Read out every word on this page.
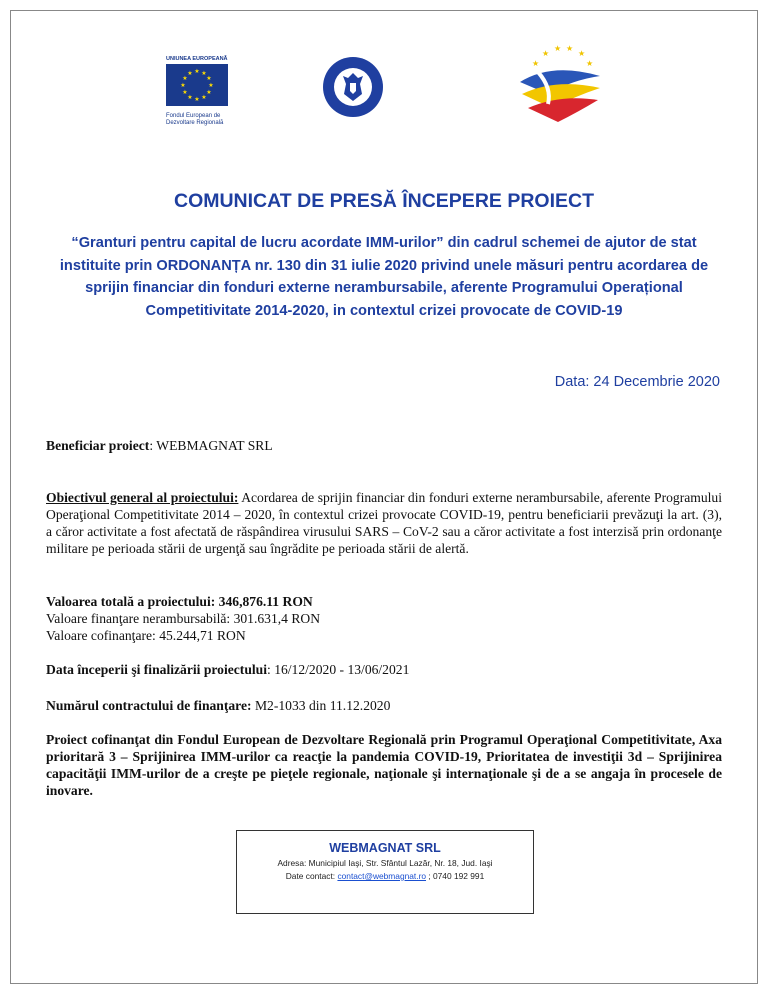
UNIUNEA EUROPEANĂ
★ ★
★
★
★
★
★
★
★
★
★
★
Fondul European de Dezvoltare Regională
★
★ ★
★
★
★
COMUNICAT DE PRESĂ ÎNCEPERE PROIECT
“Granturi pentru capital de lucru acordate IMM-urilor” din cadrul schemei de ajutor de stat instituite prin ORDONANȚA nr. 130 din 31 iulie 2020 privind unele măsuri pentru acordarea de sprijin financiar din fonduri externe nerambursabile, aferente Programului Operațional Competitivitate 2014-2020, in contextul crizei provocate de COVID-19
Data: 24 Decembrie 2020
Beneficiar proiect: WEBMAGNAT SRL
Obiectivul general al proiectului: Acordarea de sprijin financiar din fonduri externe nerambursabile, aferente Programului Operaţional Competitivitate 2014 – 2020, în contextul crizei provocate COVID-19, pentru beneficiarii prevăzuţi la art. (3), a căror activitate a fost afectată de răspândirea virusului SARS – CoV-2 sau a căror activitate a fost interzisă prin ordonanţe militare pe perioada stării de urgenţă sau îngrădite pe perioada stării de alertă.
Valoarea totală a proiectului: 346,876.11 RON
Valoare finanţare nerambursabilă: 301.631,4 RON
Valoare cofinanţare: 45.244,71 RON
Data începerii şi finalizării proiectului: 16/12/2020 - 13/06/2021
Numărul contractului de finanţare: M2-1033 din 11.12.2020
Proiect cofinanţat din Fondul European de Dezvoltare Regională prin Programul Operaţional Competitivitate, Axa prioritară 3 – Sprijinirea IMM-urilor ca reacţie la pandemia COVID-19, Prioritatea de investiţii 3d – Sprijinirea capacităţii IMM-urilor de a creşte pe pieţele regionale, naţionale şi internaţionale şi de a se angaja în procesele de inovare.
WEBMAGNAT SRL
Adresa: Municipiul Iaşi, Str. Sfântul Lazăr, Nr. 18, Jud. Iaşi
Date contact: contact@webmagnat.ro ; 0740 192 991
